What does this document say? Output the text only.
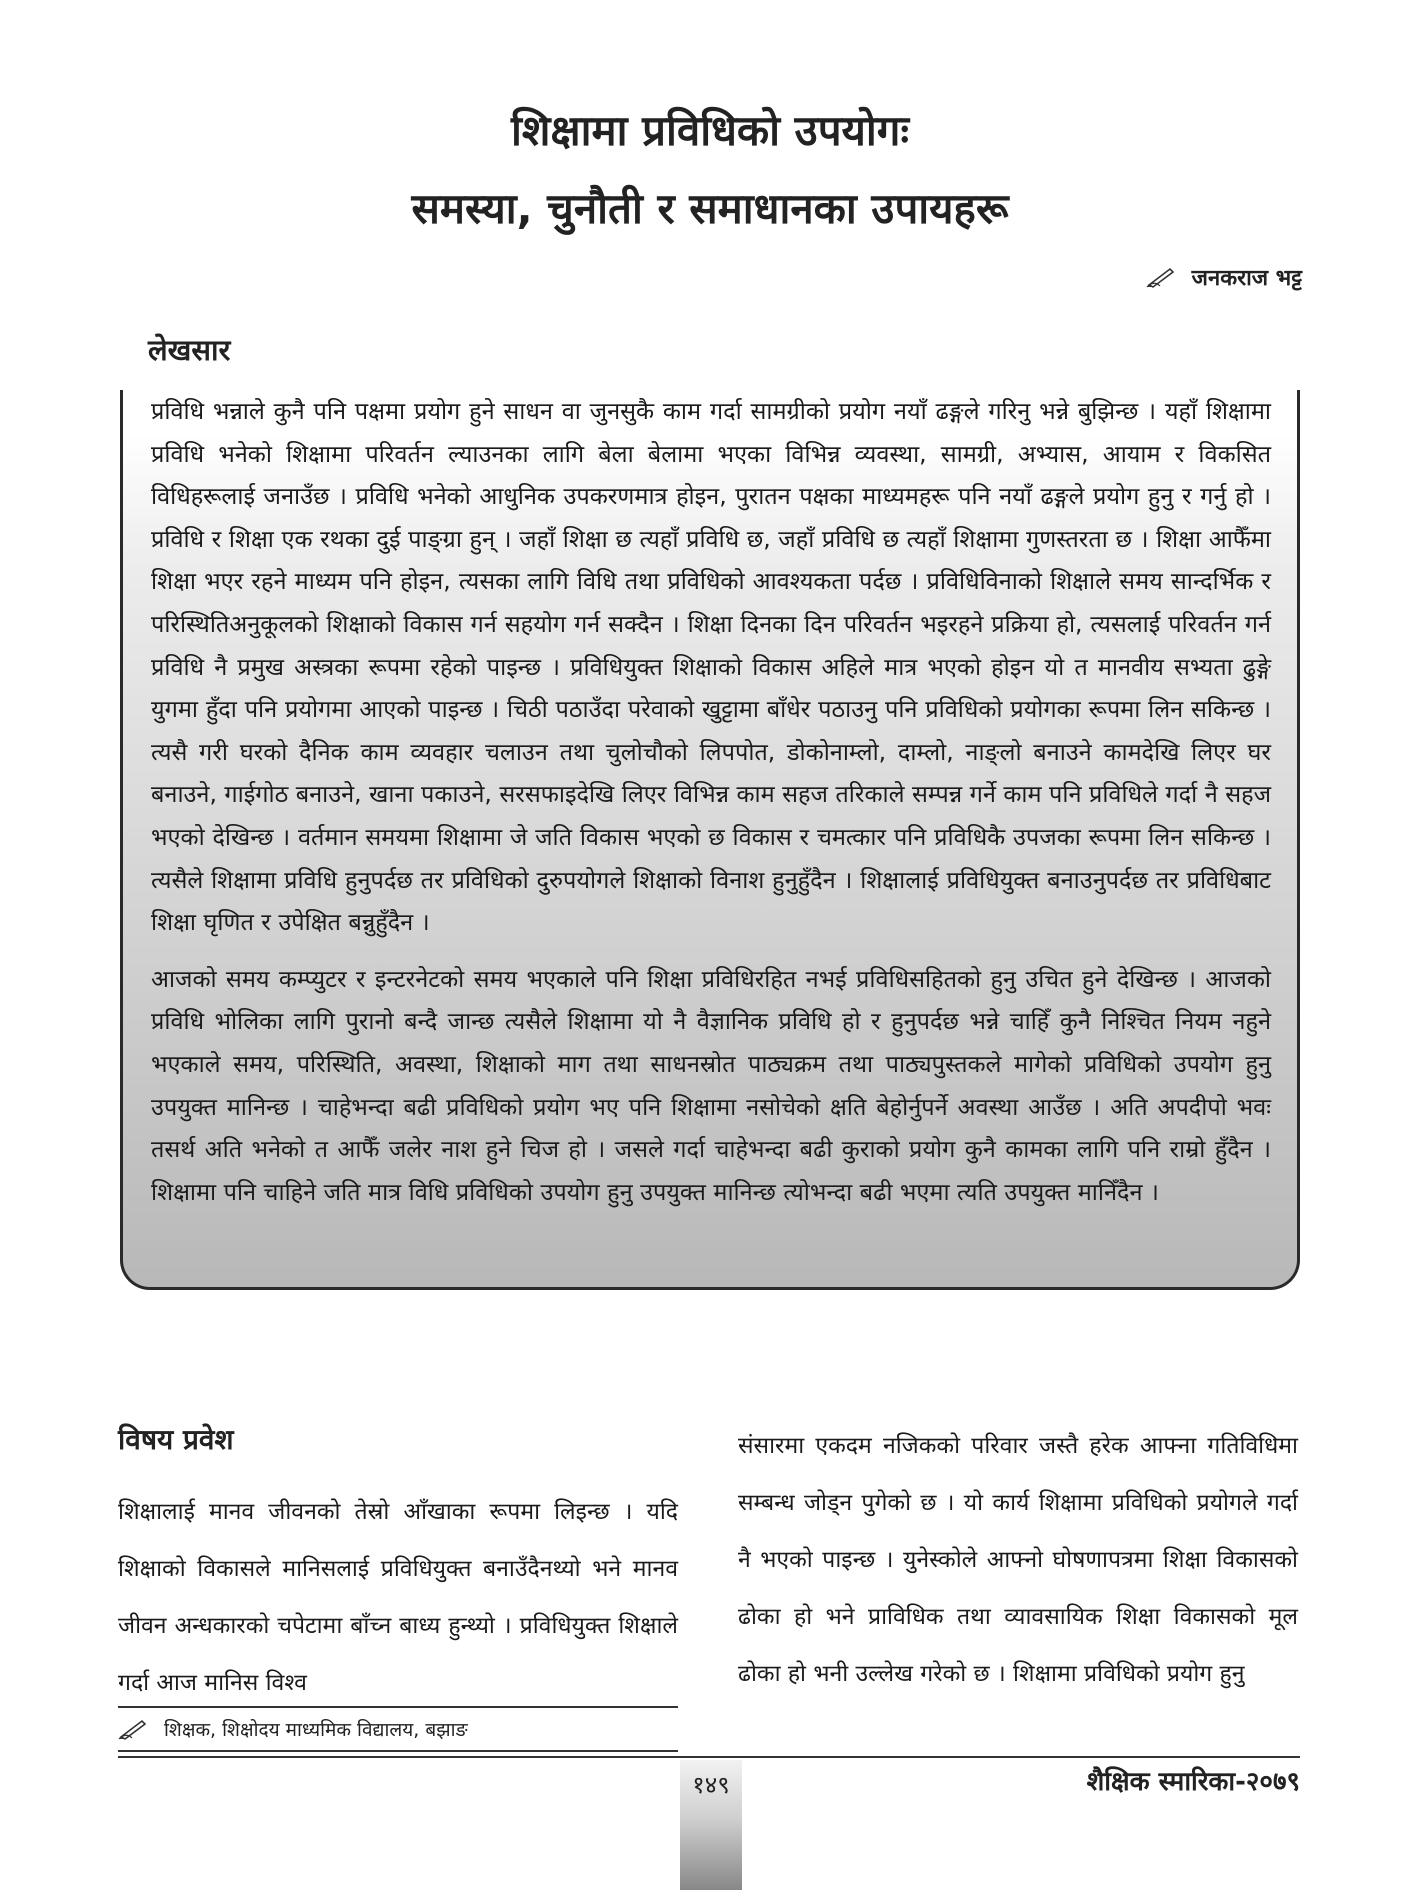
शिक्षामा प्रविधिको उपयोगः
समस्या, चुनौती र समाधानका उपायहरू
जनकराज भट्ट
लेखसार

प्रविधि भन्नाले कुनै पनि पक्षमा प्रयोग हुने साधन वा जुनसुकै काम गर्दा सामग्रीको प्रयोग नयाँ ढङ्गले गरिनु भन्ने बुझिन्छ । यहाँ शिक्षामा प्रविधि भनेको शिक्षामा परिवर्तन ल्याउनका लागि बेला बेलामा भएका विभिन्न व्यवस्था, सामग्री, अभ्यास, आयाम र विकसित विधिहरूलाई जनाउँछ । प्रविधि भनेको आधुनिक उपकरणमात्र होइन, पुरातन पक्षका माध्यमहरू पनि नयाँ ढङ्गले प्रयोग हुनु र गर्नु हो । प्रविधि र शिक्षा एक रथका दुई पाङ्ग्रा हुन् । जहाँ शिक्षा छ त्यहाँ प्रविधि छ, जहाँ प्रविधि छ त्यहाँ शिक्षामा गुणस्तरता छ । शिक्षा आफैँमा शिक्षा भएर रहने माध्यम पनि होइन, त्यसका लागि विधि तथा प्रविधिको आवश्यकता पर्दछ । प्रविधिविनाको शिक्षाले समय सान्दर्भिक र परिस्थितिअनुकूलको शिक्षाको विकास गर्न सहयोग गर्न सक्दैन । शिक्षा दिनका दिन परिवर्तन भइरहने प्रक्रिया हो, त्यसलाई परिवर्तन गर्न प्रविधि नै प्रमुख अस्त्रका रूपमा रहेको पाइन्छ । प्रविधियुक्त शिक्षाको विकास अहिले मात्र भएको होइन यो त मानवीय सभ्यता ढुङ्गे युगमा हुँदा पनि प्रयोगमा आएको पाइन्छ । चिठी पठाउँदा परेवाको खुट्टामा बाँधेर पठाउनु पनि प्रविधिको प्रयोगका रूपमा लिन सकिन्छ । त्यसै गरी घरको दैनिक काम व्यवहार चलाउन तथा चुलोचौको लिपपोत, डोकोनाम्लो, दाम्लो, नाङ्लो बनाउने कामदेखि लिएर घर बनाउने, गाईगोठ बनाउने, खाना पकाउने, सरसफाइदेखि लिएर विभिन्न काम सहज तरिकाले सम्पन्न गर्ने काम पनि प्रविधिले गर्दा नै सहज भएको देखिन्छ । वर्तमान समयमा शिक्षामा जे जति विकास भएको छ विकास र चमत्कार पनि प्रविधिकै उपजका रूपमा लिन सकिन्छ । त्यसैले शिक्षामा प्रविधि हुनुपर्दछ तर प्रविधिको दुरुपयोगले शिक्षाको विनाश हुनुहुँदैन । शिक्षालाई प्रविधियुक्त बनाउनुपर्दछ तर प्रविधिबाट शिक्षा घृणित र उपेक्षित बन्नुहुँदैन ।

आजको समय कम्प्युटर र इन्टरनेटको समय भएकाले पनि शिक्षा प्रविधिरहित नभई प्रविधिसहितको हुनु उचित हुने देखिन्छ । आजको प्रविधि भोलिका लागि पुरानो बन्दै जान्छ त्यसैले शिक्षामा यो नै वैज्ञानिक प्रविधि हो र हुनुपर्दछ भन्ने चाहिँ कुनै निश्चित नियम नहुने भएकाले समय, परिस्थिति, अवस्था, शिक्षाको माग तथा साधनस्रोत पाठ्यक्रम तथा पाठ्यपुस्तकले मागेको प्रविधिको उपयोग हुनु उपयुक्त मानिन्छ । चाहेभन्दा बढी प्रविधिको प्रयोग भए पनि शिक्षामा नसोचेको क्षति बेहोर्नुपर्ने अवस्था आउँछ । अति अपदीपो भवः तसर्थ अति भनेको त आफैँ जलेर नाश हुने चिज हो । जसले गर्दा चाहेभन्दा बढी कुराको प्रयोग कुनै कामका लागि पनि राम्रो हुँदैन । शिक्षामा पनि चाहिने जति मात्र विधि प्रविधिको उपयोग हुनु उपयुक्त मानिन्छ त्योभन्दा बढी भएमा त्यति उपयुक्त मानिँदैन ।

विषय प्रवेश

शिक्षालाई मानव जीवनको तेस्रो आँखाका रूपमा लिइन्छ । यदि शिक्षाको विकासले मानिसलाई प्रविधियुक्त बनाउँदैनथ्यो भने मानव जीवन अन्धकारको चपेटामा बाँच्न बाध्य हुन्थ्यो । प्रविधियुक्त शिक्षाले गर्दा आज मानिस विश्व

संसारमा एकदम नजिकको परिवार जस्तै हरेक आफ्ना गतिविधिमा सम्बन्ध जोड्न पुगेको छ । यो कार्य शिक्षामा प्रविधिको प्रयोगले गर्दा नै भएको पाइन्छ । युनेस्कोले आफ्नो घोषणापत्रमा शिक्षा विकासको ढोका हो भने प्राविधिक तथा व्यावसायिक शिक्षा विकासको मूल ढोका हो भनी उल्लेख गरेको छ । शिक्षामा प्रविधिको प्रयोग हुनु

शिक्षक, शिक्षोदय माध्यमिक विद्यालय, बझाङ
१४९	शैक्षिक स्मारिका-२०७९
